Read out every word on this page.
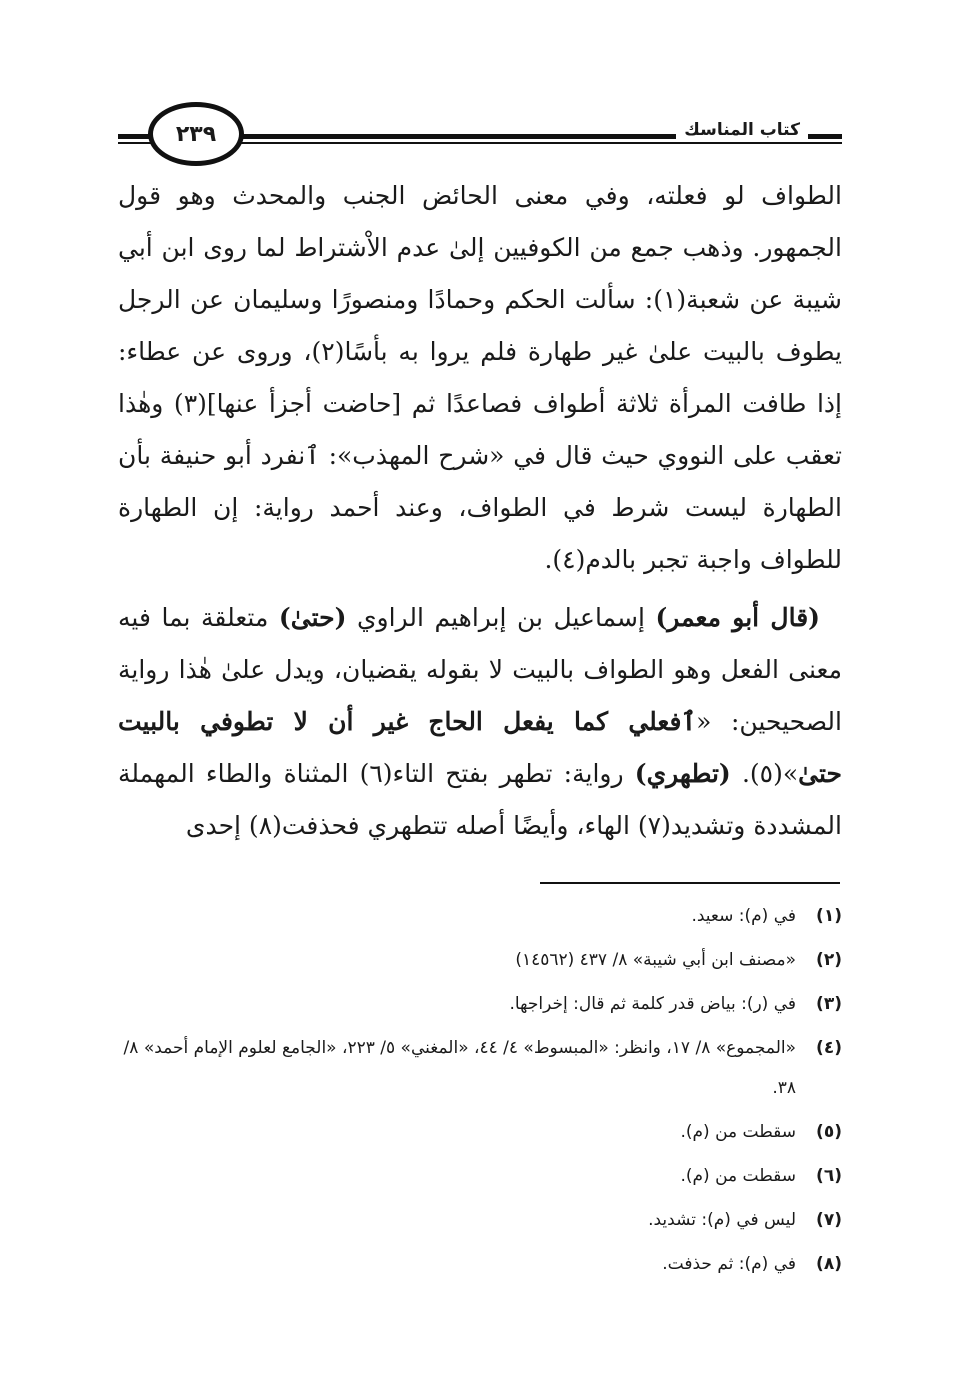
٢٣٩	كتاب المناسك

الطواف لو فعلته، وفي معنى الحائض الجنب والمحدث وهو قول الجمهور. وذهب جمع من الكوفيين إلىٰ عدم الاْشتراط لما روى ابن أبي شيبة عن شعبة(١): سألت الحكم وحمادًا ومنصورًا وسليمان عن الرجل يطوف بالبيت علىٰ غير طهارة فلم يروا به بأسًا(٢)، وروى عن عطاء: إذا طافت المرأة ثلاثة أطواف فصاعدًا ثم [حاضت أجزأ عنها](٣) وهٰذا تعقب على النووي حيث قال في «شرح المهذب»: ٱنفرد أبو حنيفة بأن الطهارة ليست شرط في الطواف، وعند أحمد رواية: إن الطهارة للطواف واجبة تجبر بالدم(٤).

(قال أبو معمر) إسماعيل بن إبراهيم الراوي (حتىٰ) متعلقة بما فيه معنى الفعل وهو الطواف بالبيت لا بقوله يقضيان، ويدل علىٰ هٰذا رواية الصحيحين: «ٱفعلي كما يفعل الحاج غير أن لا تطوفي بالبيت حتىٰ»(٥). (تطهري) رواية: تطهر بفتح التاء(٦) المثناة والطاء المهملة المشددة وتشديد(٧) الهاء، وأيضًا أصله تتطهري فحذفت(٨) إحدى

(١)
في (م): سعيد.
(٢)
«مصنف ابن أبي شيبة» ٨/ ٤٣٧ (١٤٥٦٢)
(٣)
في (ر): بياض قدر كلمة ثم قال: إخراجها.
(٤)
«المجموع» ٨/ ١٧، وانظر: «المبسوط» ٤/ ٤٤، «المغني» ٥/ ٢٢٣، «الجامع لعلوم الإمام أحمد» ٨/ ٣٨.
(٥)
سقطت من (م).
(٦)
سقطت من (م).
(٧)
ليس في (م): تشديد.
(٨)
في (م): ثم حذفت.
